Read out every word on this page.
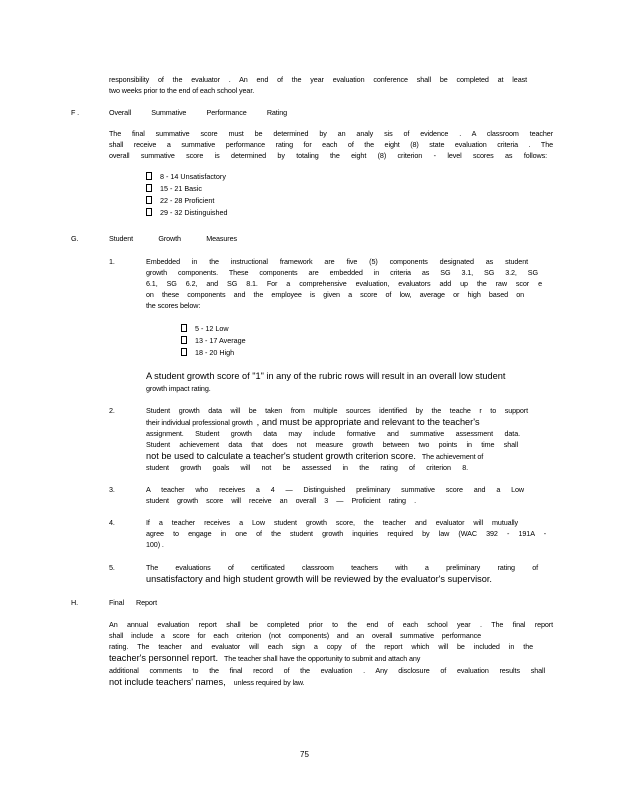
responsibility of the evaluator . An end of the year evaluation conference shall be completed at least
two weeks prior to the end of each school year.
F .	Overall Summative Performance Rating
The final summative score must be determined by an analy sis of evidence . A classroom teacher
shall receive a summative performance rating for each of the eight (8) state evaluation criteria . The
overall summative score is determined by totaling the eight (8) criterion - level scores as follows:
8 - 14 Unsatisfactory
15 - 21 Basic
22 - 28 Proficient
29 - 32 Distinguished
G.	Student Growth Measures
1.	Embedded in the instructional framework are five (5) components designated as student
growth components. These components are embedded in criteria as SG 3.1, SG 3.2, SG
6.1, SG 6.2, and SG 8.1. For a comprehensive evaluation, evaluators add up the raw scor e
on these components and the employee is given a score of low, average or high based on
the scores below:
5 - 12 Low
13 - 17 Average
18 - 20 High
A student growth score of "1" in any of the rubric rows will result in an overall low student
growth impact rating.
2.	Student growth data will be taken from multiple sources identified by the teache r to support
their individual professional growth , and must be appropriate and relevant to the teacher's
assignment. Student growth data may include formative and summative assessment data.
Student achievement data that does not measure growth between two points in time shall
not be used to calculate a teacher's student growth criterion score. The achievement of
student growth goals will not be assessed in the rating of criterion 8.
3.	A teacher who receives a 4 — Distinguished preliminary summative score and a Low
student growth score will receive an overall 3 — Proficient rating .
4.	If a teacher receives a Low student growth score, the teacher and evaluator will mutually
agree to engage in one of the student growth inquiries required by law (WAC 392 - 191A -
100) .
5.	The evaluations of certificated classroom teachers with a preliminary rating of
unsatisfactory and high student growth will be reviewed by the evaluator's supervisor.
H.	Final Report
An annual evaluation report shall be completed prior to the end of each school year . The final report
shall include a score for each criterion (not components) and an overall summative performance
rating. The teacher and evaluator will each sign a copy of the report which will be included in the
teacher's personnel report. The teacher shall have the opportunity to submit and attach any
additional comments to the final record of the evaluation . Any disclosure of evaluation results shall
not include teachers' names, unless required by law.
75
